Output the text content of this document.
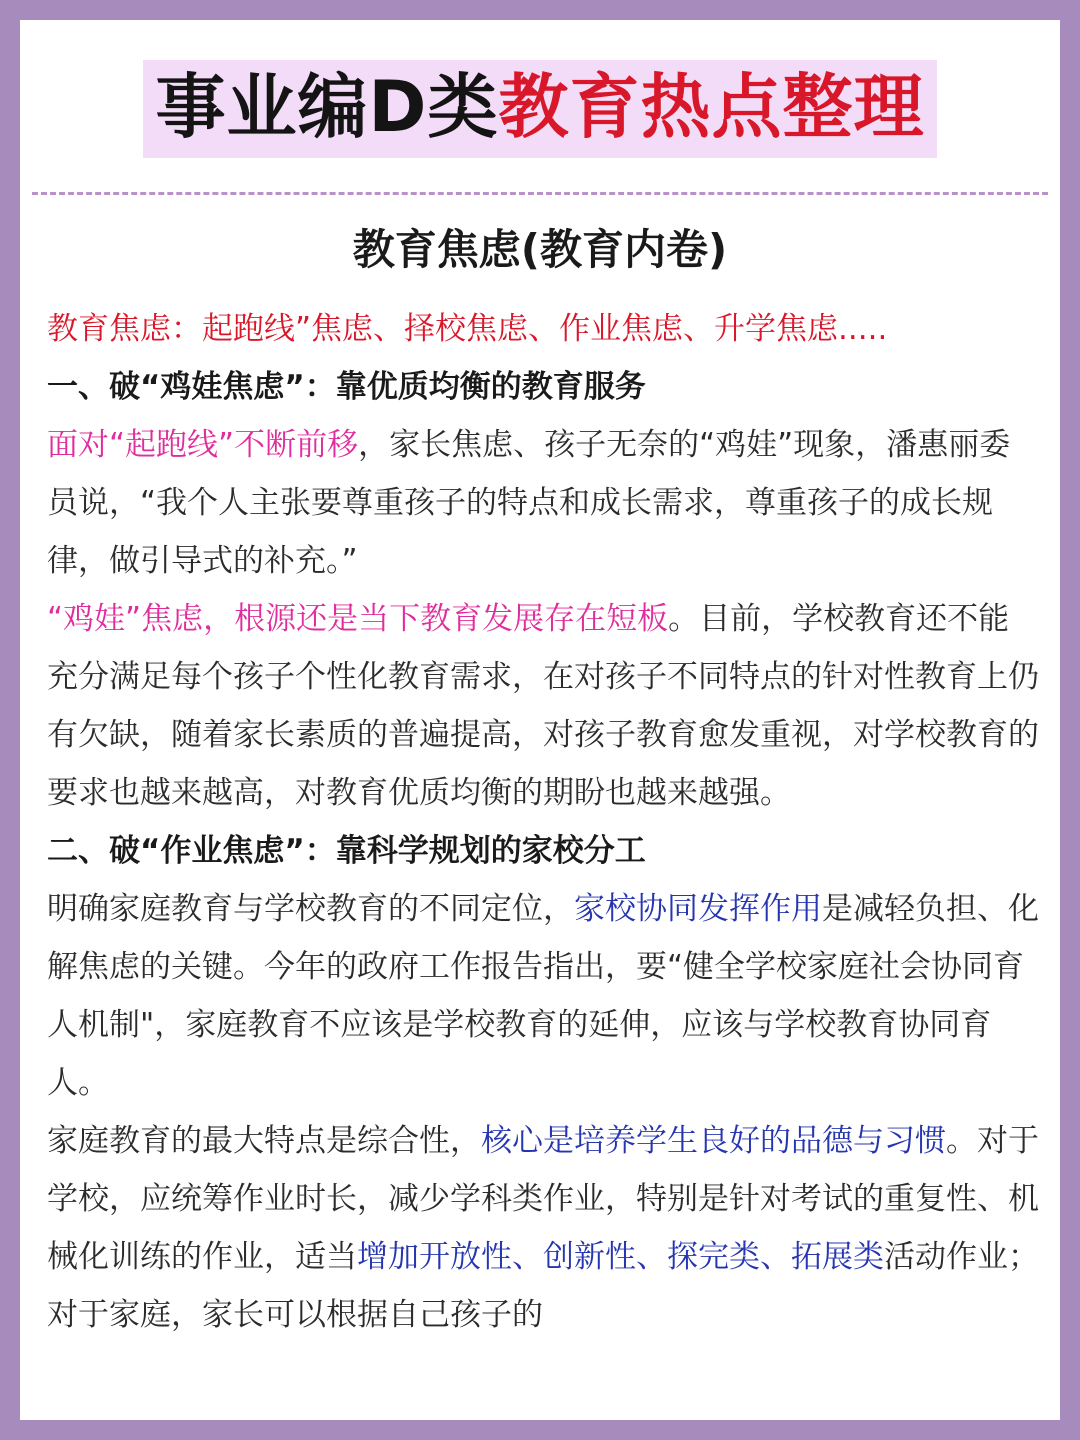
事业编D类教育热点整理
教育焦虑(教育内卷)

教育焦虑：起跑线”焦虑、择校焦虑、作业焦虑、升学焦虑.....

一、破“鸡娃焦虑”：靠优质均衡的教育服务

面对“起跑线”不断前移，家长焦虑、孩子无奈的“鸡娃”现象，潘惠丽委员说，“我个人主张要尊重孩子的特点和成长需求，尊重孩子的成长规律，做引导式的补充。”

“鸡娃”焦虑，根源还是当下教育发展存在短板。目前，学校教育还不能充分满足每个孩子个性化教育需求，在对孩子不同特点的针对性教育上仍有欠缺，随着家长素质的普遍提高，对孩子教育愈发重视，对学校教育的要求也越来越高，对教育优质均衡的期盼也越来越强。

二、破“作业焦虑”：靠科学规划的家校分工

明确家庭教育与学校教育的不同定位，家校协同发挥作用是减轻负担、化解焦虑的关键。今年的政府工作报告指出，要“健全学校家庭社会协同育人机制"，家庭教育不应该是学校教育的延伸，应该与学校教育协同育人。

家庭教育的最大特点是综合性，核心是培养学生良好的品德与习惯。对于学校，应统筹作业时长，减少学科类作业，特别是针对考试的重复性、机械化训练的作业，适当增加开放性、创新性、探完类、拓展类活动作业；对于家庭，家长可以根据自己孩子的
